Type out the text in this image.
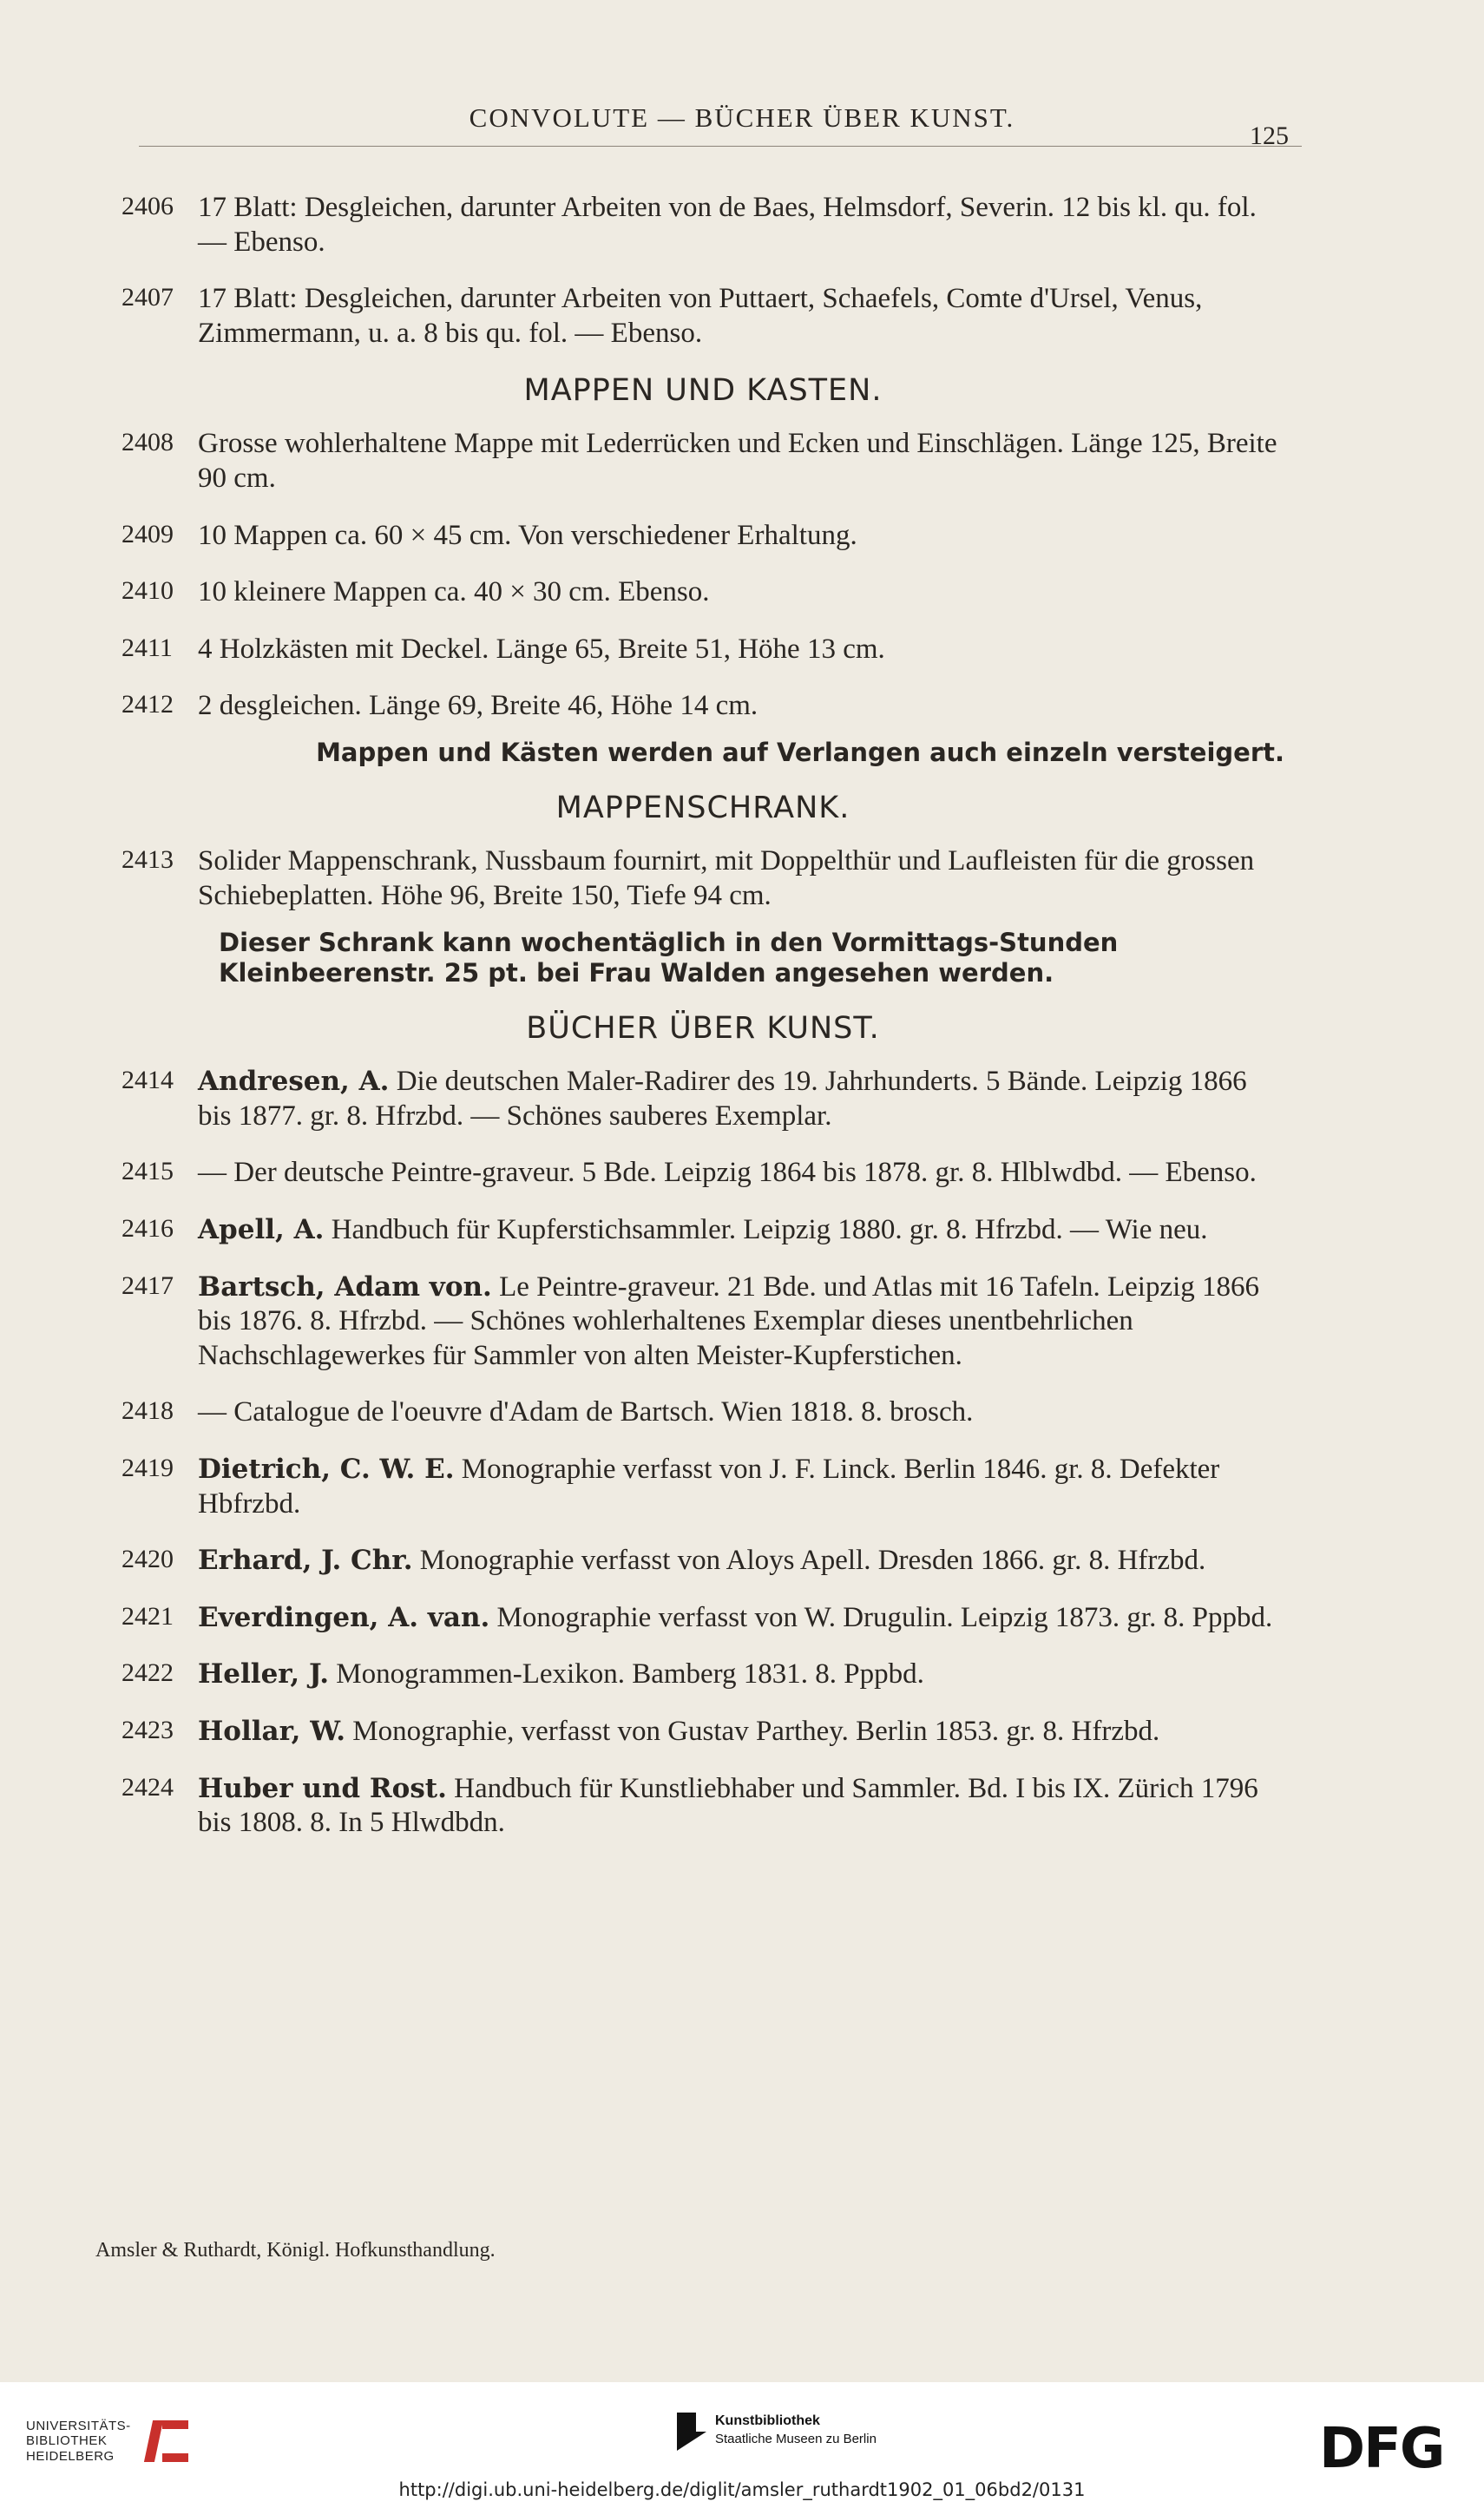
CONVOLUTE — BÜCHER ÜBER KUNST.
125
2406 17 Blatt: Desgleichen, darunter Arbeiten von de Baes, Helmsdorf, Severin. 12 bis kl. qu. fol. — Ebenso.
2407 17 Blatt: Desgleichen, darunter Arbeiten von Puttaert, Schaefels, Comte d'Ursel, Venus, Zimmermann, u. a. 8 bis qu. fol. — Ebenso.
MAPPEN UND KASTEN.
2408 Grosse wohlerhaltene Mappe mit Lederrücken und Ecken und Einschlägen. Länge 125, Breite 90 cm.
2409 10 Mappen ca. 60 × 45 cm. Von verschiedener Erhaltung.
2410 10 kleinere Mappen ca. 40 × 30 cm. Ebenso.
2411 4 Holzkästen mit Deckel. Länge 65, Breite 51, Höhe 13 cm.
2412 2 desgleichen. Länge 69, Breite 46, Höhe 14 cm.
Mappen und Kästen werden auf Verlangen auch einzeln versteigert.
MAPPENSCHRANK.
2413 Solider Mappenschrank, Nussbaum fournirt, mit Doppelthür und Laufleisten für die grossen Schiebeplatten. Höhe 96, Breite 150, Tiefe 94 cm.
Dieser Schrank kann wochentäglich in den Vormittags-Stunden Kleinbeerenstr. 25 pt. bei Frau Walden angesehen werden.
BÜCHER ÜBER KUNST.
2414 Andresen, A. Die deutschen Maler-Radirer des 19. Jahrhunderts. 5 Bände. Leipzig 1866 bis 1877. gr. 8. Hfrzbd. — Schönes sauberes Exemplar.
2415 — Der deutsche Peintre-graveur. 5 Bde. Leipzig 1864 bis 1878. gr. 8. Hlblwdbd. — Ebenso.
2416 Apell, A. Handbuch für Kupferstichsammler. Leipzig 1880. gr. 8. Hfrzbd. — Wie neu.
2417 Bartsch, Adam von. Le Peintre-graveur. 21 Bde. und Atlas mit 16 Tafeln. Leipzig 1866 bis 1876. 8. Hfrzbd. — Schönes wohlerhaltenes Exemplar dieses unentbehrlichen Nachschlagewerkes für Sammler von alten Meister-Kupferstichen.
2418 — Catalogue de l'oeuvre d'Adam de Bartsch. Wien 1818. 8. brosch.
2419 Dietrich, C. W. E. Monographie verfasst von J. F. Linck. Berlin 1846. gr. 8. Defekter Hbfrzbd.
2420 Erhard, J. Chr. Monographie verfasst von Aloys Apell. Dresden 1866. gr. 8. Hfrzbd.
2421 Everdingen, A. van. Monographie verfasst von W. Drugulin. Leipzig 1873. gr. 8. Pppbd.
2422 Heller, J. Monogrammen-Lexikon. Bamberg 1831. 8. Pppbd.
2423 Hollar, W. Monographie, verfasst von Gustav Parthey. Berlin 1853. gr. 8. Hfrzbd.
2424 Huber und Rost. Handbuch für Kunstliebhaber und Sammler. Bd. I bis IX. Zürich 1796 bis 1808. 8. In 5 Hlwdbdn.
Amsler & Ruthardt, Königl. Hofkunsthandlung.
UNIVERSITÄTS-
BIBLIOTHEK
HEIDELBERG
Kunstbibliothek
Staatliche Museen zu Berlin	DFG
http://digi.ub.uni-heidelberg.de/diglit/amsler_ruthardt1902_01_06bd2/0131
